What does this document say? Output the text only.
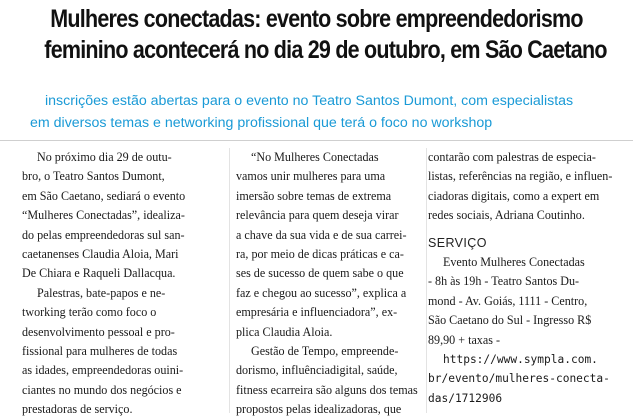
Mulheres conectadas: evento sobre empreendedorismo
feminino acontecerá no dia 29 de outubro, em São Caetano
inscrições estão abertas para o evento no Teatro Santos Dumont, com especialistas
em diversos temas e networking profissional que terá o foco no workshop
No próximo dia 29 de outu-
bro, o Teatro Santos Dumont,
em São Caetano, sediará o evento
“Mulheres Conectadas”, idealiza-
do pelas empreendedoras sul san-
caetanenses Claudia Aloia, Mari
De Chiara e Raqueli Dallacqua.
Palestras, bate-papos e ne-
tworking terão como foco o
desenvolvimento pessoal e pro-
fissional para mulheres de todas
as idades, empreendedoras ouini-
ciantes no mundo dos negócios e
prestadoras de serviço.
“No Mulheres Conectadas
vamos unir mulheres para uma
imersão sobre temas de extrema
relevância para quem deseja virar
a chave da sua vida e de sua carrei-
ra, por meio de dicas práticas e ca-
ses de sucesso de quem sabe o que
faz e chegou ao sucesso”, explica a
empresária e influenciadora”, ex-
plica Claudia Aloia.
Gestão de Tempo, empreende-
dorismo, influênciadigital, saúde,
fitness ecarreira são alguns dos temas
propostos pelas idealizadoras, que
contarão com palestras de especia-
listas, referências na região, e influen-
ciadoras digitais, como a expert em
redes sociais, Adriana Coutinho.
SERVIÇO
Evento Mulheres Conectadas
- 8h às 19h - Teatro Santos Du-
mond - Av. Goiás, 1111 - Centro,
São Caetano do Sul - Ingresso R$
89,90 + taxas -
https://www.sympla.com.
br/evento/mulheres-conecta-
das/1712906
